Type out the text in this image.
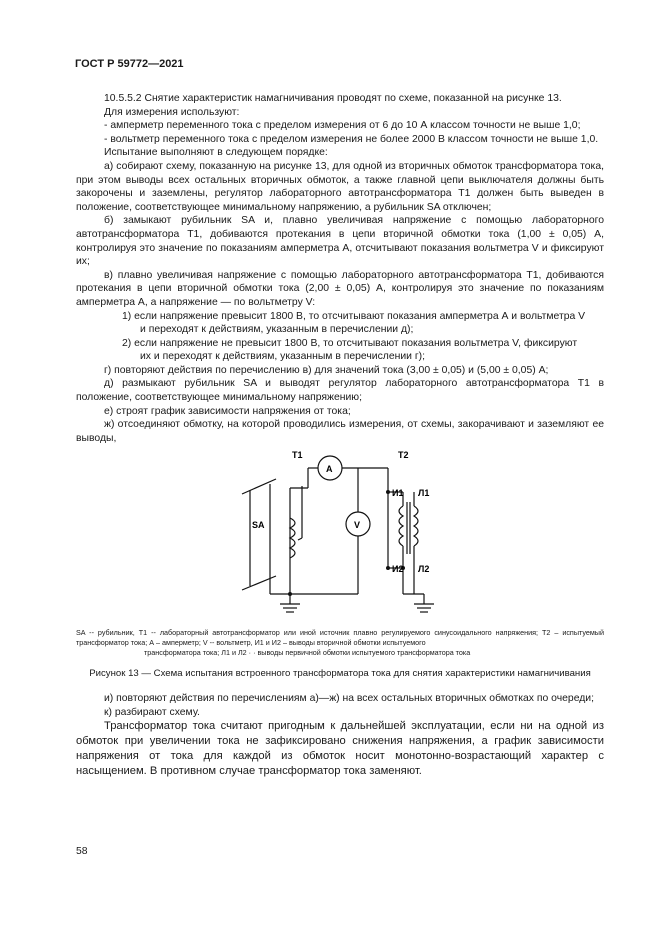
ГОСТ Р 59772—2021

10.5.5.2 Снятие характеристик намагничивания проводят по схеме, показанной на рисунке 13.

Для измерения используют:

- амперметр переменного тока с пределом измерения от 6 до 10 А классом точности не выше 1,0;

- вольтметр переменного тока с пределом измерения не более 2000 В классом точности не выше 1,0.

Испытание выполняют в следующем порядке:

а) собирают схему, показанную на рисунке 13, для одной из вторичных обмоток трансформатора тока, при этом выводы всех остальных вторичных обмоток, а также главной цепи выключателя должны быть закорочены и заземлены, регулятор лабораторного автотрансформатора Т1 должен быть выведен в положение, соответствующее минимальному напряжению, а рубильник SA отключен;

б) замыкают рубильник SA и, плавно увеличивая напряжение с помощью лабораторного автотрансформатора Т1, добиваются протекания в цепи вторичной обмотки тока (1,00 ± 0,05) А, контролируя это значение по показаниям амперметра А, отсчитывают показания вольтметра V и фиксируют их;

в) плавно увеличивая напряжение с помощью лабораторного автотрансформатора Т1, добиваются протекания в цепи вторичной обмотки тока (2,00 ± 0,05) А, контролируя это значение по показаниям амперметра А, а напряжение — по вольтметру V:

1) если напряжение превысит 1800 В, то отсчитывают показания амперметра А и вольтметра V

и переходят к действиям, указанным в перечислении д);

2) если напряжение не превысит 1800 В, то отсчитывают показания вольтметра V, фиксируют

их и переходят к действиям, указанным в перечислении г);

г) повторяют действия по перечислению в) для значений тока (3,00 ± 0,05) и (5,00 ± 0,05) А;

д) размыкают рубильник SA и выводят регулятор лабораторного автотрансформатора Т1 в положение, соответствующее минимальному напряжению;

е) строят график зависимости напряжения от тока;

ж) отсоединяют обмотку, на которой проводились измерения, от схемы, закорачивают и заземляют ее выводы,

Т1	Т2
A
V
SA
И1 Л1
И2 Л2
SA -- рубильник, Т1 -- лабораторный автотрансформатор или иной источник плавно регулируемого синусоидального напряжения; Т2 – испытуемый трансформатор тока; А – амперметр; V -- вольтметр, И1 и И2 – выводы вторичной обмотки испытуемого
трансформатора тока; Л1 и Л2 · · выводы первичной обмотки испытуемого трансформатора тока
Рисунок 13 — Схема испытания встроенного трансформатора тока для снятия характеристики намагничивания

и) повторяют действия по перечислениям а)—ж) на всех остальных вторичных обмотках по очереди;

к) разбирают схему.

Трансформатор тока считают пригодным к дальнейшей эксплуатации, если ни на одной из обмоток при увеличении тока не зафиксировано снижения напряжения, а график зависимости напряжения от тока для каждой из обмоток носит монотонно-возрастающий характер с насыщением. В противном случае трансформатор тока заменяют.

58
